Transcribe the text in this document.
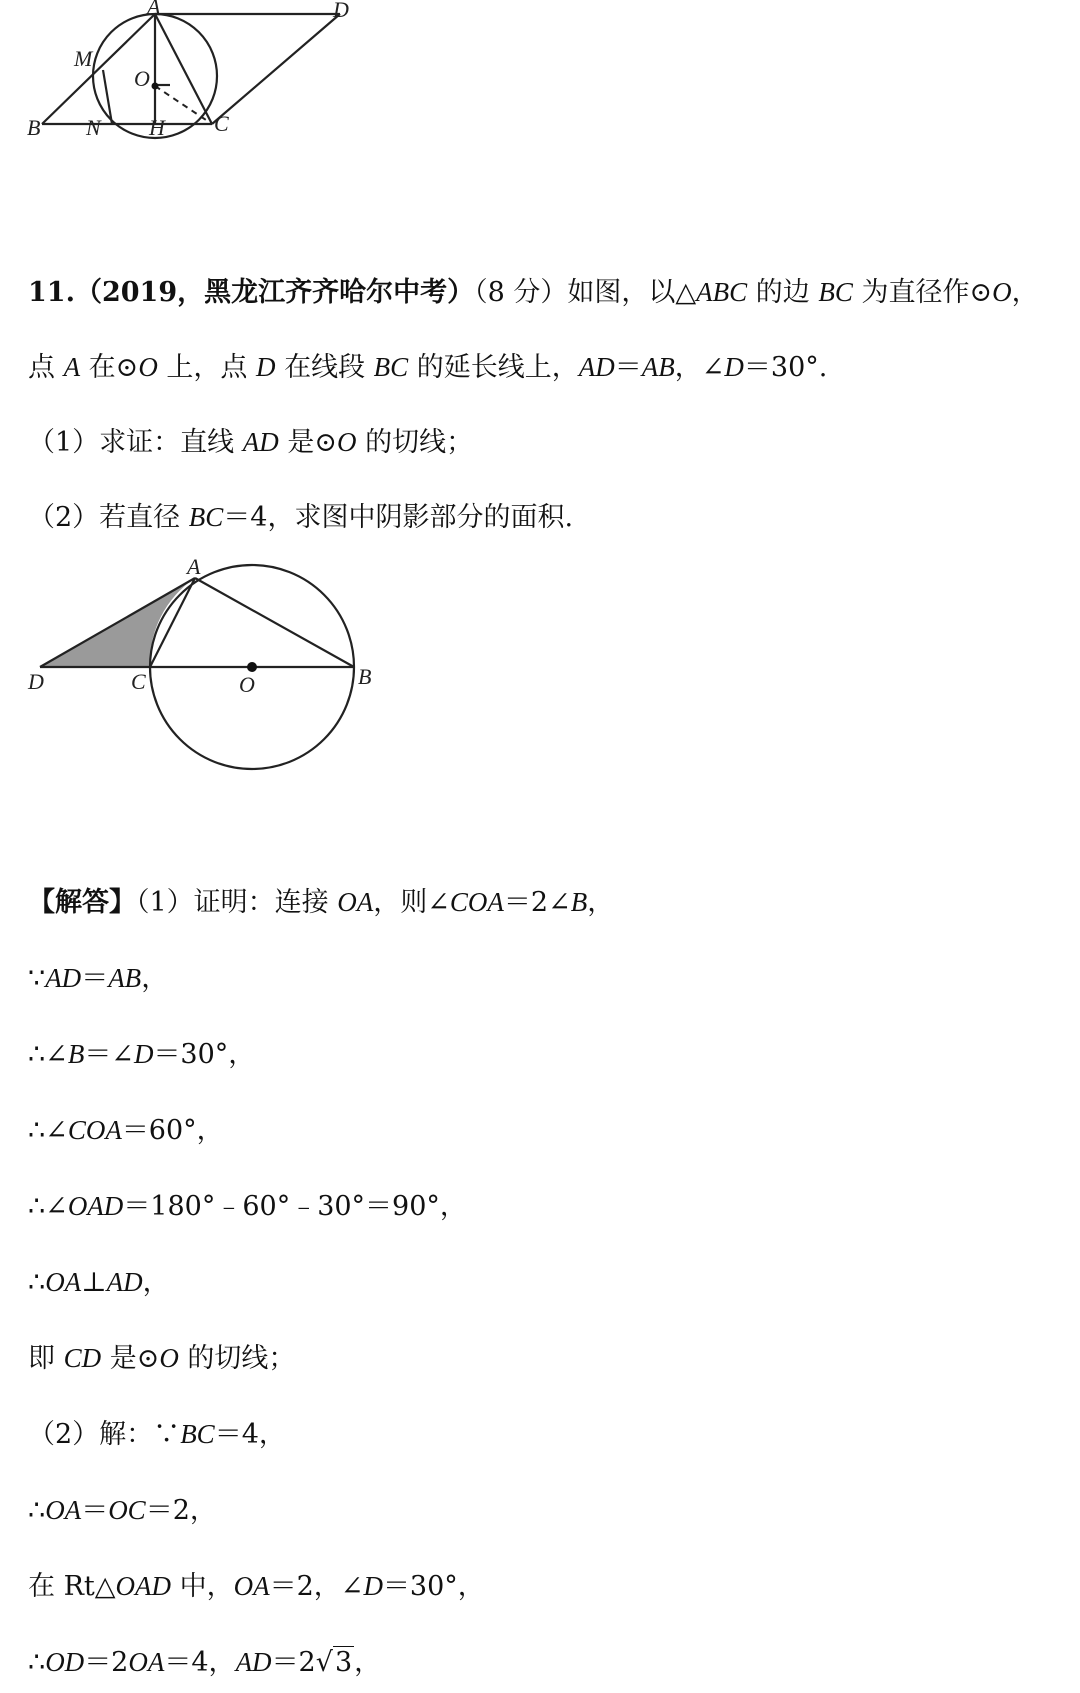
A	D
M
O
B N H C
11.（2019，黑龙江齐齐哈尔中考）（8 分）如图，以△ABC 的边 BC 为直径作⊙O，
点 A 在⊙O 上，点 D 在线段 BC 的延长线上，AD＝AB，∠D＝30°.
（1）求证：直线 AD 是⊙O 的切线；
（2）若直径 BC＝4，求图中阴影部分的面积.
A
D	C	O	B
【解答】（1）证明：连接 OA，则∠COA＝2∠B，
∵AD＝AB，
∴∠B＝∠D＝30°，
∴∠COA＝60°，
∴∠OAD＝180°﹣60°﹣30°＝90°，
∴OA⊥AD，
即 CD 是⊙O 的切线；
（2）解：∵BC＝4，
∴OA＝OC＝2，
在 Rt△OAD 中，OA＝2，∠D＝30°，
∴OD＝2OA＝4，AD＝2√3，
